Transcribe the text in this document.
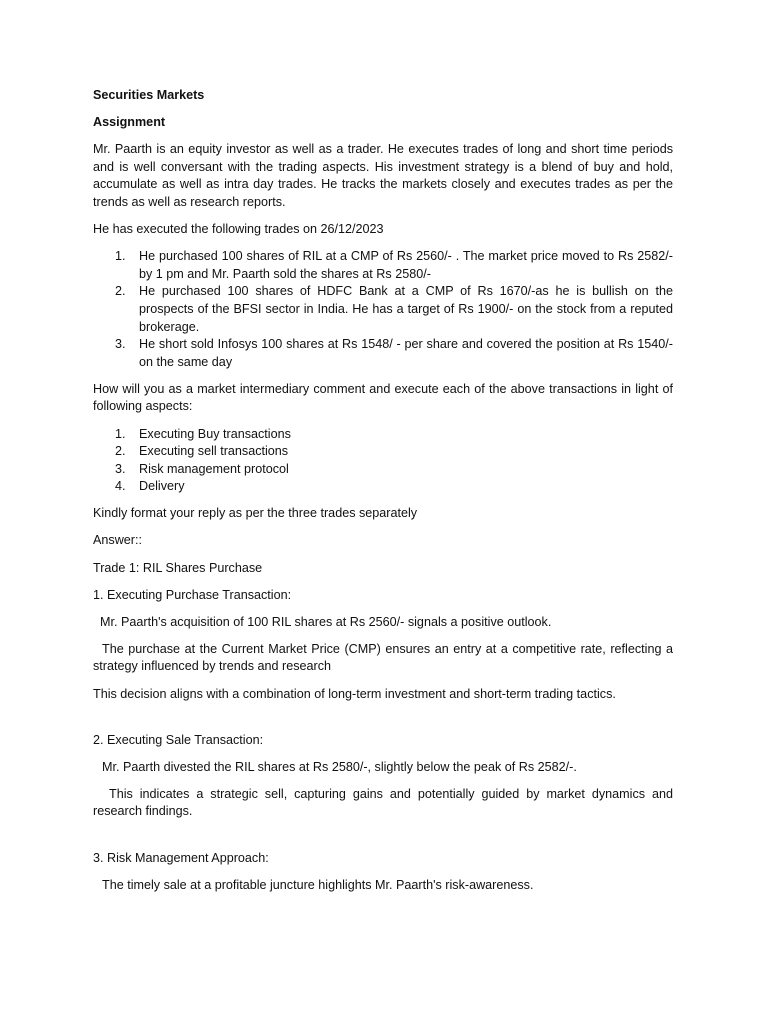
Securities Markets

Assignment

Mr. Paarth is an equity investor as well as a trader. He executes trades of long and short time periods and is well conversant with the trading aspects. His investment strategy is a blend of buy and hold, accumulate as well as intra day trades. He tracks the markets closely and executes trades as per the trends as well as research reports.

He has executed the following trades on 26/12/2023

1. He purchased 100 shares of RIL at a CMP of Rs 2560/- . The market price moved to Rs 2582/- by 1 pm and Mr. Paarth sold the shares at Rs 2580/-
2. He purchased 100 shares of HDFC Bank at a CMP of Rs 1670/-as he is bullish on the prospects of the BFSI sector in India. He has a target of Rs 1900/- on the stock from a reputed brokerage.
3. He short sold Infosys 100 shares at Rs 1548/ - per share and covered the position at Rs 1540/- on the same day

How will you as a market intermediary comment and execute each of the above transactions in light of following aspects:

1. Executing Buy transactions
2. Executing sell transactions
3. Risk management protocol
4. Delivery

Kindly format your reply as per the three trades separately

Answer::

Trade 1: RIL Shares Purchase

1. Executing Purchase Transaction:

Mr. Paarth's acquisition of 100 RIL shares at Rs 2560/- signals a positive outlook.

The purchase at the Current Market Price (CMP) ensures an entry at a competitive rate, reflecting a strategy influenced by trends and research

This decision aligns with a combination of long-term investment and short-term trading tactics.

2. Executing Sale Transaction:

Mr. Paarth divested the RIL shares at Rs 2580/-, slightly below the peak of Rs 2582/-.

This indicates a strategic sell, capturing gains and potentially guided by market dynamics and research findings.

3. Risk Management Approach:

The timely sale at a profitable juncture highlights Mr. Paarth's risk-awareness.
